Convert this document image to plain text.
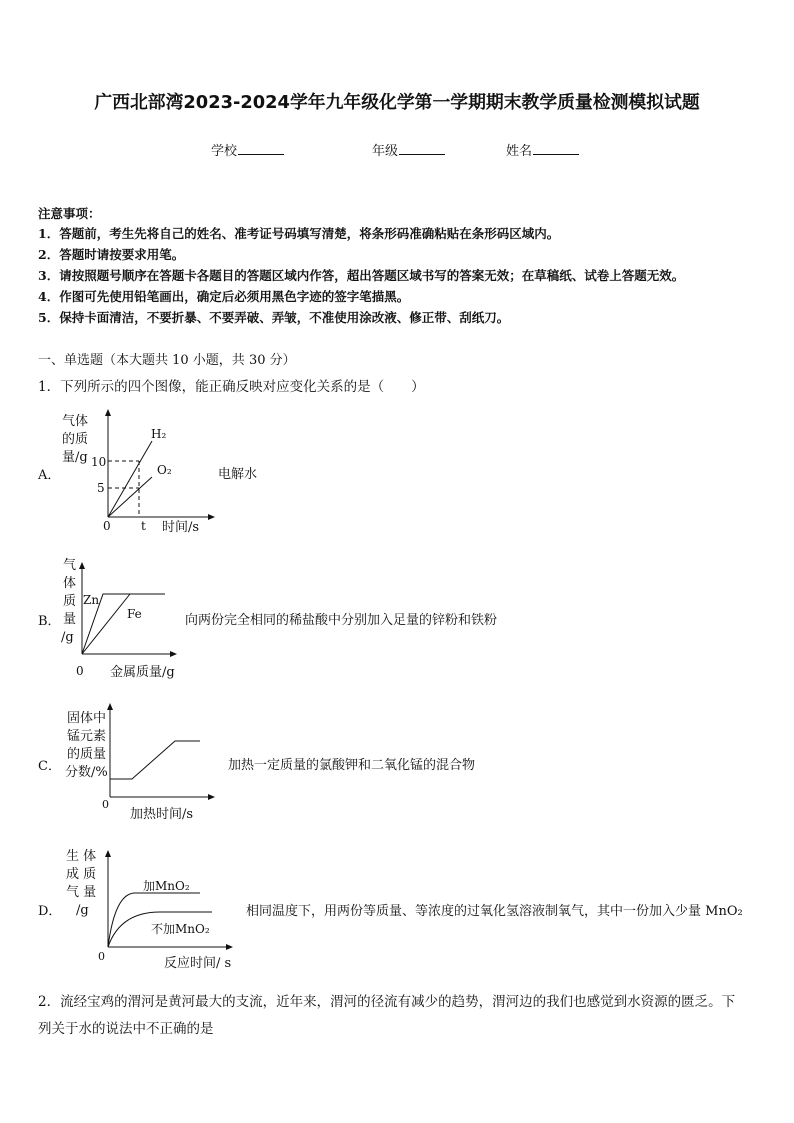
广西北部湾2023-2024学年九年级化学第一学期期末教学质量检测模拟试题
学校	年级	姓名
注意事项：
1．答题前，考生先将自己的姓名、准考证号码填写清楚，将条形码准确粘贴在条形码区域内。
2．答题时请按要求用笔。
3．请按照题号顺序在答题卡各题目的答题区域内作答，超出答题区域书写的答案无效；在草稿纸、试卷上答题无效。
4．作图可先使用铅笔画出，确定后必须用黑色字迹的签字笔描黑。
5．保持卡面清洁，不要折暴、不要弄破、弄皱，不准使用涂改液、修正带、刮纸刀。
一、单选题（本大题共 10 小题，共 30 分）
1．下列所示的四个图像，能正确反映对应变化关系的是（　　）
A．
气体
的质
量/g 10
5
0	t 时间/s
H₂
O₂	电解水
B．
气
体
质
量
/g
Zn
Fe
0 金属质量/g
向两份完全相同的稀盐酸中分别加入足量的锌粉和铁粉
C．
固体中
锰元素
的质量
分数/%
0
加热时间/s
加热一定质量的氯酸钾和二氧化锰的混合物
D．
生 体
成 质
气 量
/g
加MnO₂
不加MnO₂
0	反应时间/ s
相同温度下，用两份等质量、等浓度的过氧化氢溶液制氧气，其中一份加入少量 MnO₂
2．流经宝鸡的渭河是黄河最大的支流，近年来，渭河的径流有减少的趋势，渭河边的我们也感觉到水资源的匮乏。下
列关于水的说法中不正确的是
